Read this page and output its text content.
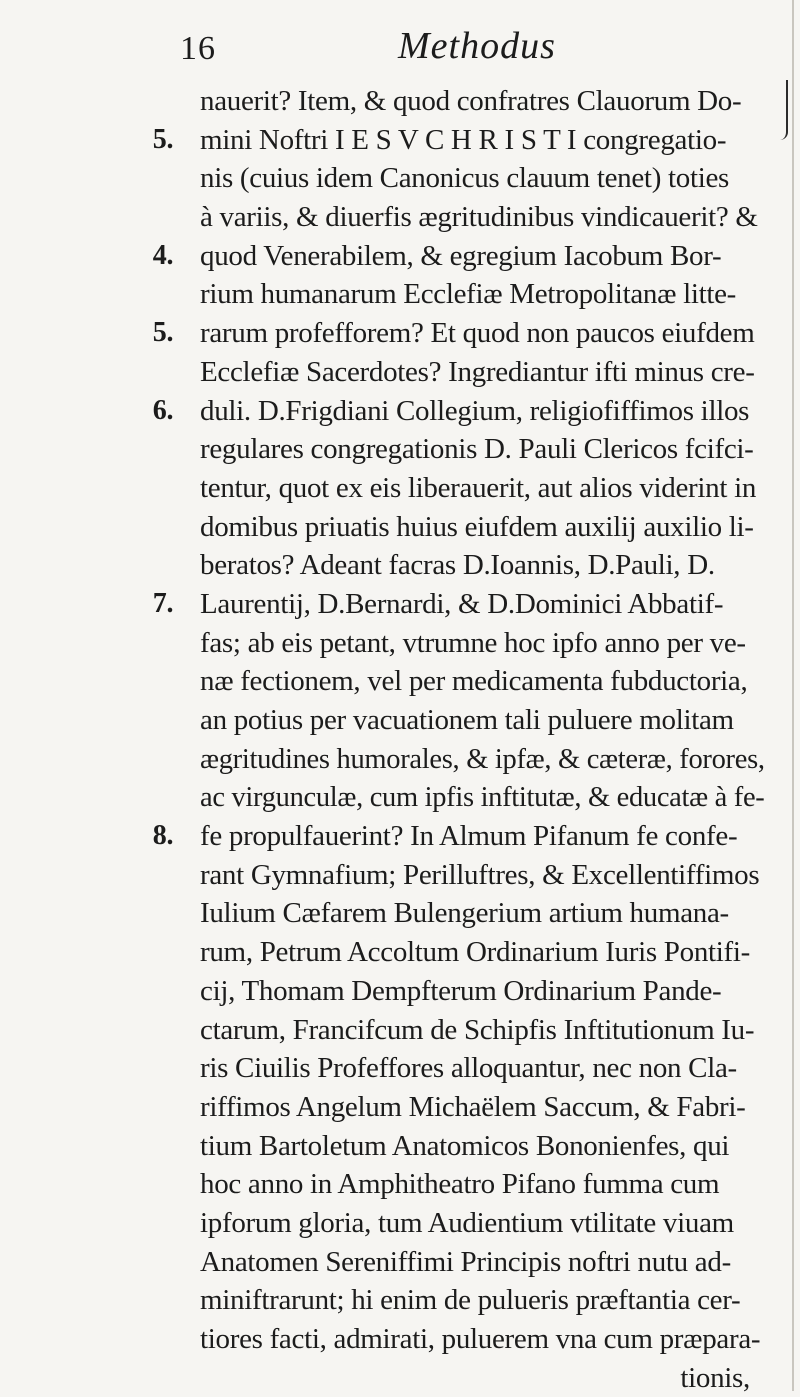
16	Methodus
nauerit? Item, & quod confratres Clauorum Do-
5. mini Noftri I E S V C H R I S T I congregatio-
nis (cuius idem Canonicus clauum tenet) toties
à variis, & diuerfis ægritudinibus vindicauerit? &
4. quod Venerabilem, & egregium Iacobum Bor-
rium humanarum Ecclefiæ Metropolitanæ litte-
5. rarum profefforem? Et quod non paucos eiufdem
Ecclefiæ Sacerdotes? Ingrediantur ifti minus cre-
6. duli. D.Frigdiani Collegium, religiofiffimos illos
regulares congregationis D. Pauli Clericos fcifci-
tentur, quot ex eis liberauerit, aut alios viderint in
domibus priuatis huius eiufdem auxilij auxilio li-
beratos? Adeant facras D.Ioannis, D.Pauli, D.
7. Laurentij, D.Bernardi, & D.Dominici Abbatif-
fas; ab eis petant, vtrumne hoc ipfo anno per ve-
næ fectionem, vel per medicamenta fubductoria,
an potius per vacuationem tali puluere molitam
ægritudines humorales, & ipfæ, & cæteræ, forores,
ac virgunculæ, cum ipfis inftitutæ, & educatæ à fe-
8. fe propulfauerint? In Almum Pifanum fe confe-
rant Gymnafium; Perilluftres, & Excellentiffimos
Iulium Cæfarem Bulengerium artium humana-
rum, Petrum Accoltum Ordinarium Iuris Pontifi-
cij, Thomam Dempfterum Ordinarium Pande-
ctarum, Francifcum de Schipfis Inftitutionum Iu-
ris Ciuilis Profeffores alloquantur, nec non Cla-
riffimos Angelum Michaëlem Saccum, & Fabri-
tium Bartoletum Anatomicos Bononienfes, qui
hoc anno in Amphitheatro Pifano fumma cum
ipforum gloria, tum Audientium vtilitate viuam
Anatomen Sereniffimi Principis noftri nutu ad-
miniftrarunt; hi enim de pulueris præftantia cer-
tiores facti, admirati, puluerem vna cum præpara-
tionis,
